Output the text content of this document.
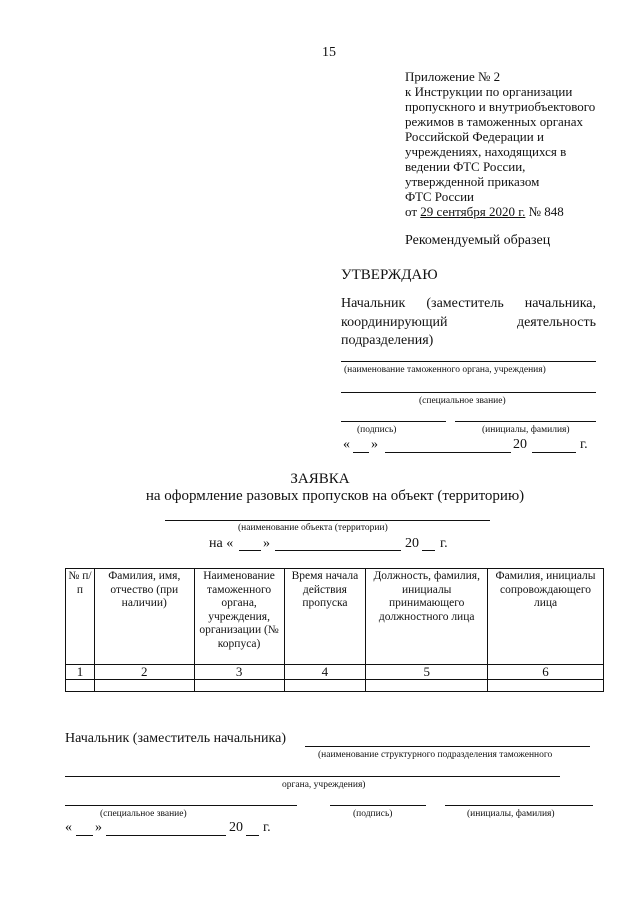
15
Приложение № 2
к Инструкции по организации
пропускного и внутриобъектового
режимов в таможенных органах
Российской Федерации и
учреждениях, находящихся в
ведении ФТС России,
утвержденной приказом
ФТС России
от 29 сентября 2020 г. № 848
Рекомендуемый образец
УТВЕРЖДАЮ
Начальник (заместитель начальника,
координирующий	деятельность
подразделения)
(наименование таможенного органа, учреждения)
(специальное звание)
(подпись)	(инициалы, фамилия)
« »	20	г.
ЗАЯВКА
на оформление разовых пропусков на объект (территорию)
(наименование объекта (территории)
на « »	20 г.
№ п/п	Фамилия, имя, отчество (при наличии)	Наименование таможенного органа, учреждения, организации (№ корпуса)	Время начала действия пропуска	Должность, фамилия, инициалы принимающего должностного лица	Фамилия, инициалы сопровождающего лица
1	2	3	4	5	6

Начальник (заместитель начальника)
(наименование структурного подразделения таможенного
органа, учреждения)
(специальное звание)	(подпись)	(инициалы, фамилия)
« »	20 г.
